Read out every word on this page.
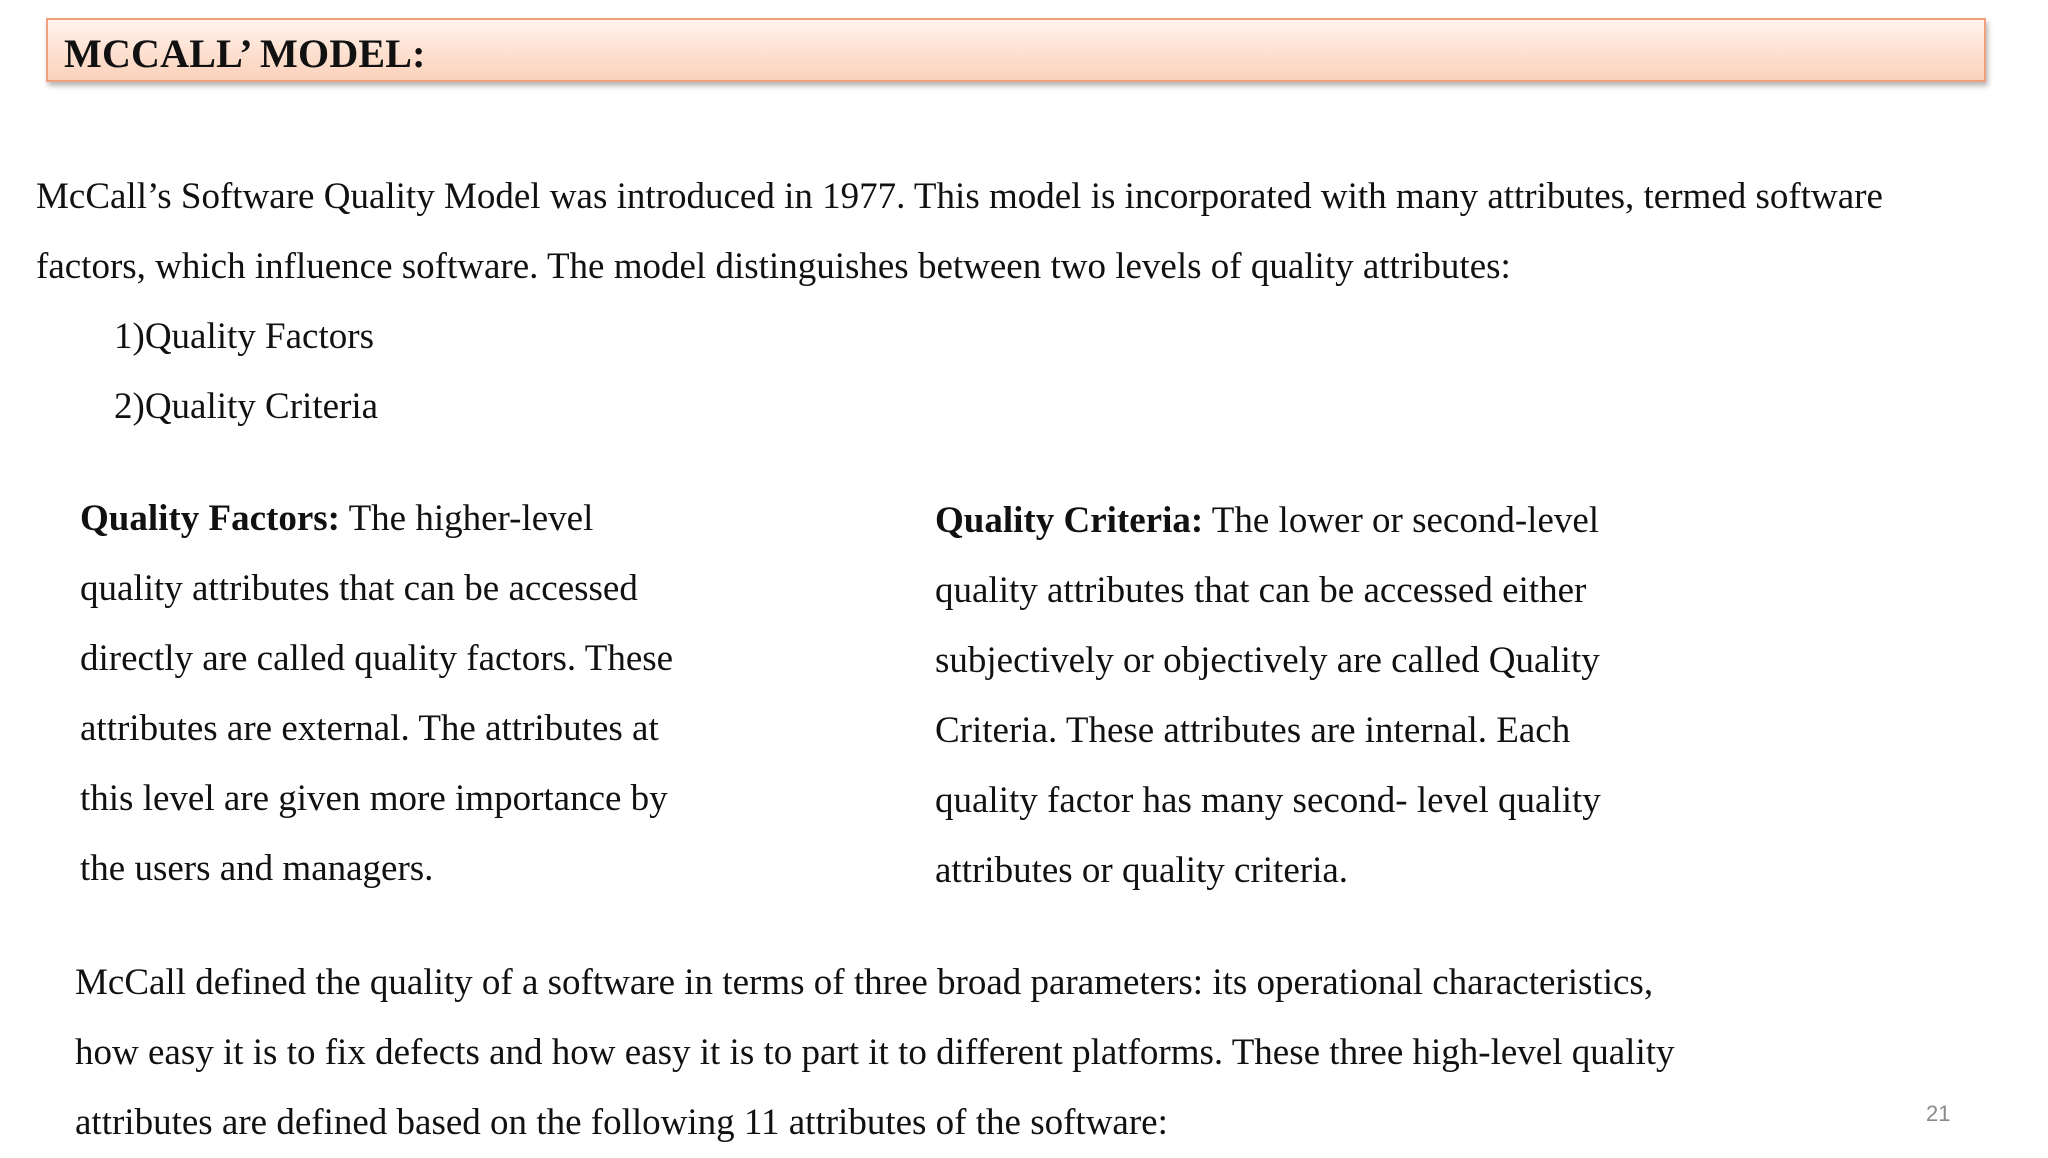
MCCALL’ MODEL:

McCall’s Software Quality Model was introduced in 1977. This model is incorporated with many attributes, termed software

factors, which influence software. The model distinguishes between two levels of quality attributes:

1)Quality Factors

2)Quality Criteria

Quality Factors: The higher-level

quality attributes that can be accessed

directly are called quality factors. These

attributes are external. The attributes at

this level are given more importance by

the users and managers.

Quality Criteria: The lower or second-level

quality attributes that can be accessed either

subjectively or objectively are called Quality

Criteria. These attributes are internal. Each

quality factor has many second- level quality

attributes or quality criteria.

McCall defined the quality of a software in terms of three broad parameters: its operational characteristics,

how easy it is to fix defects and how easy it is to part it to different platforms. These three high-level quality

attributes are defined based on the following 11 attributes of the software:	21
